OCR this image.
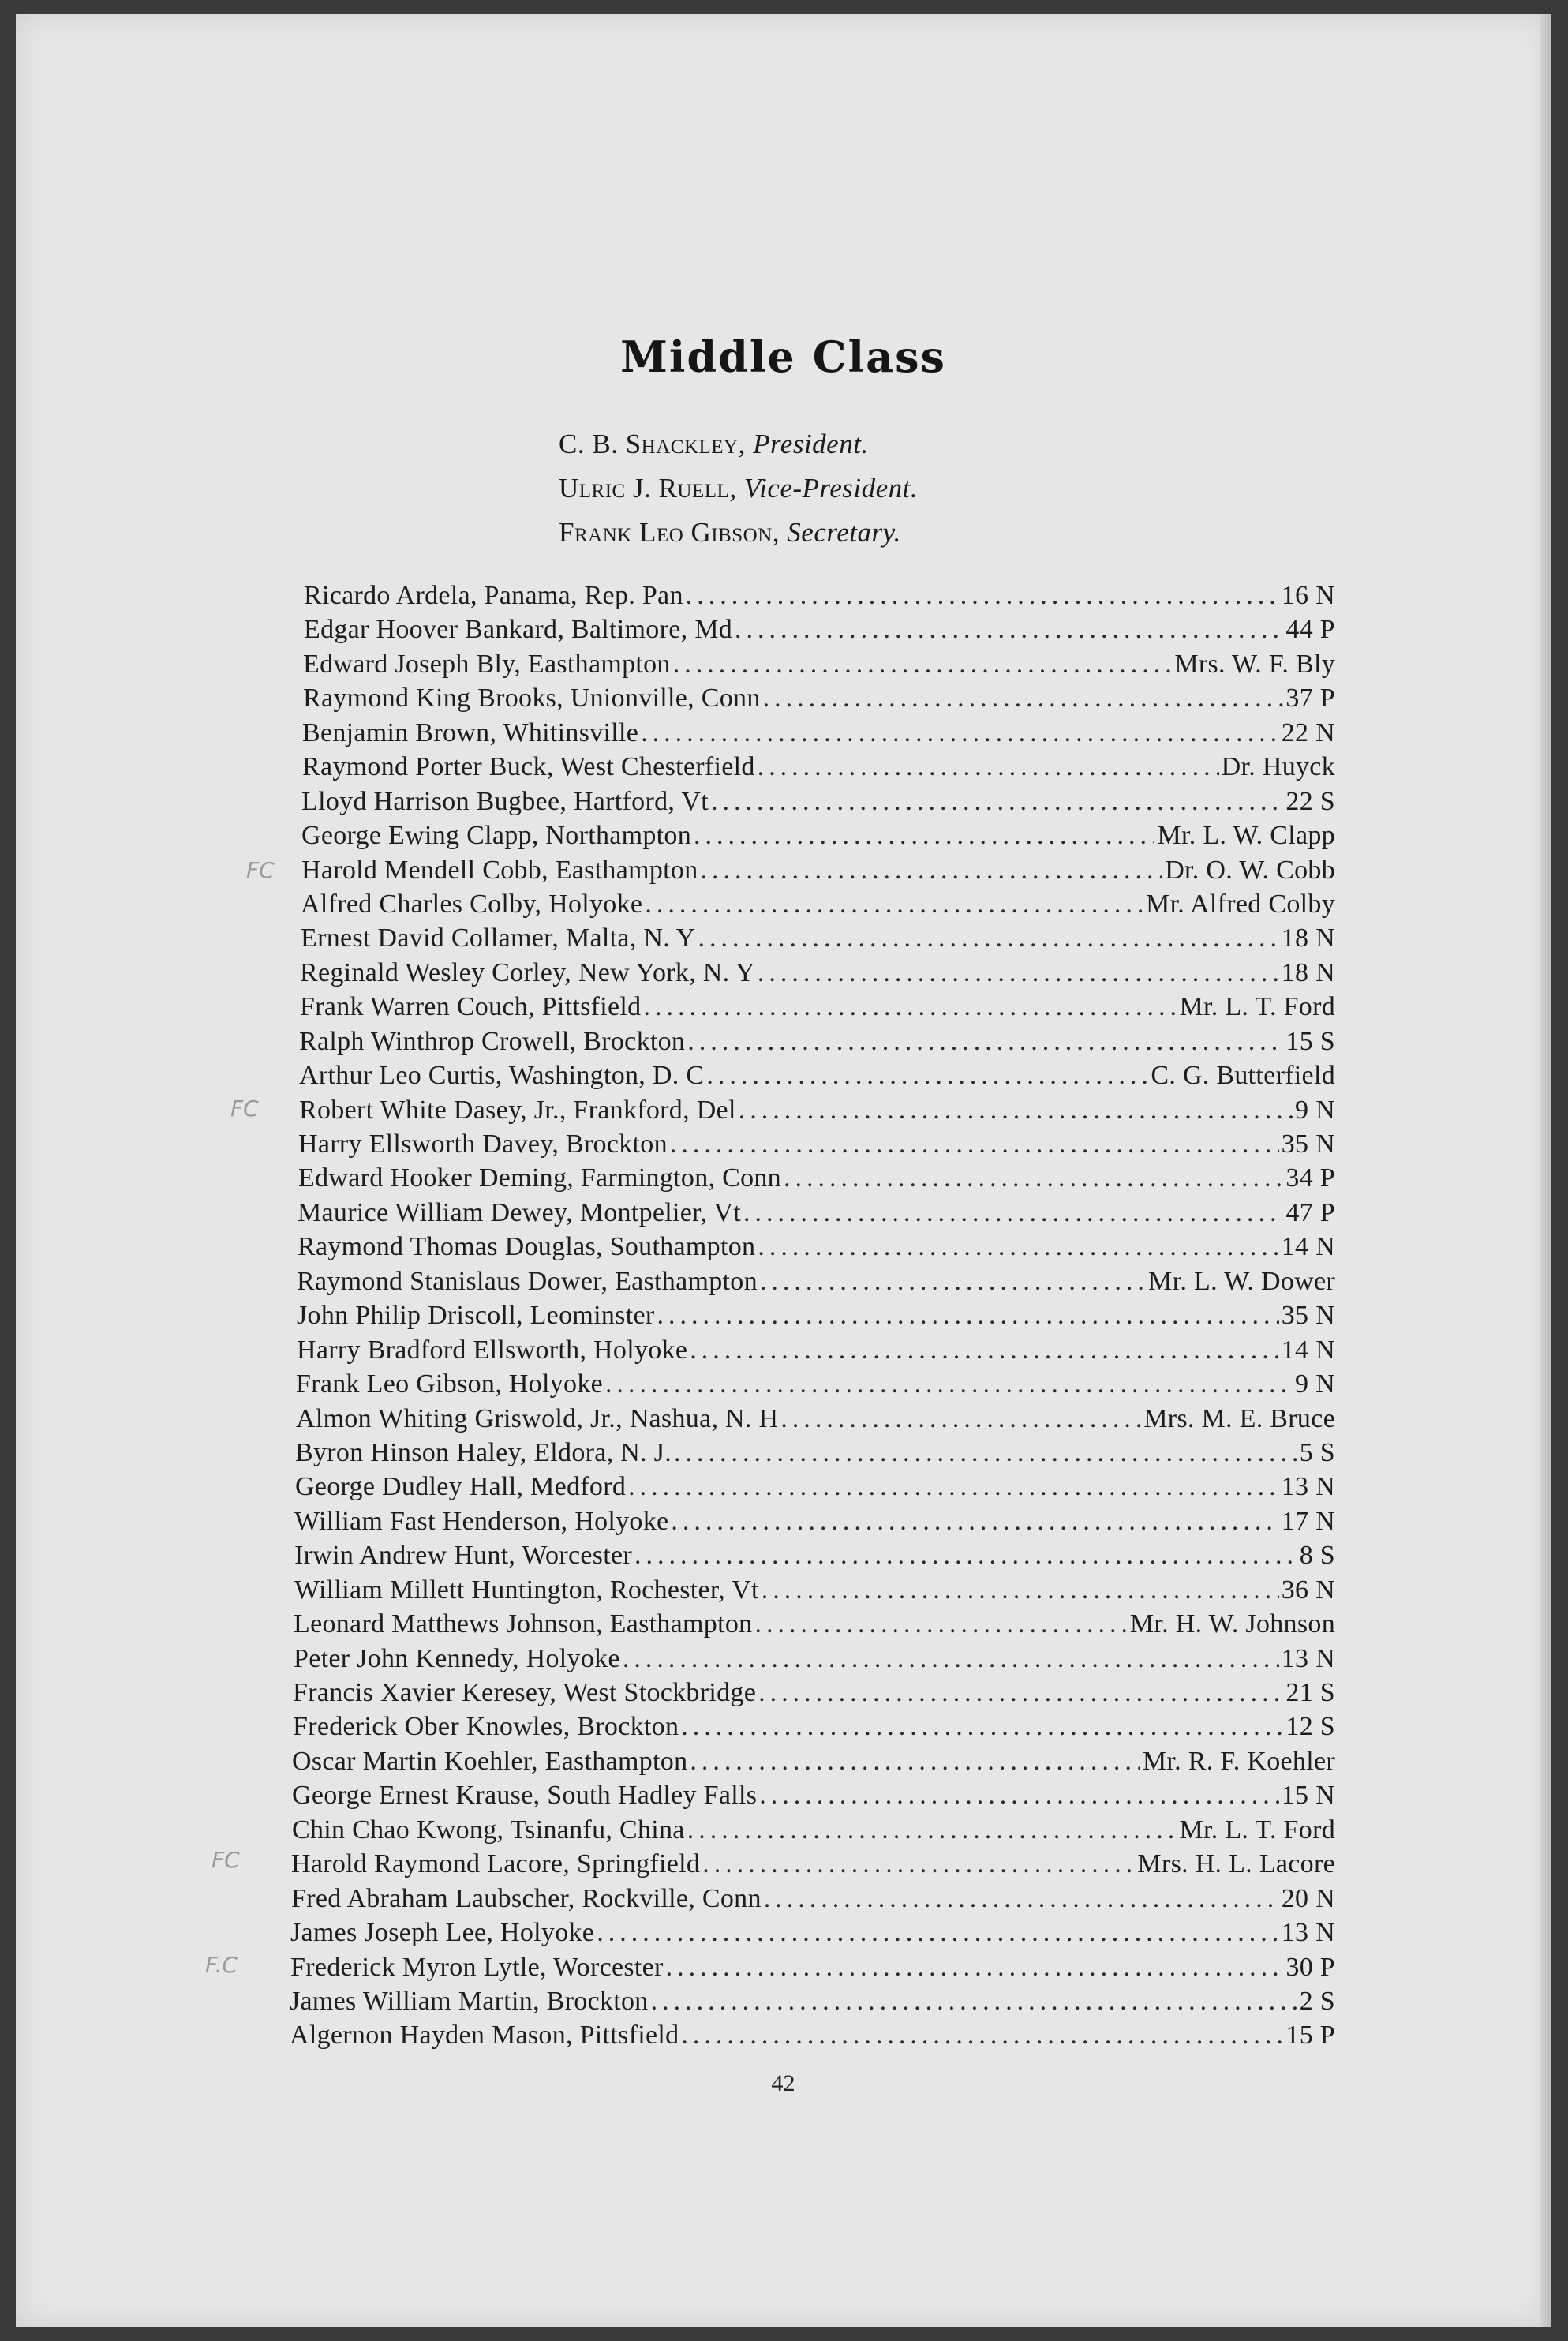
Middle Class
C. B. Shackley, President.
Ulric J. Ruell, Vice-President.
Frank Leo Gibson, Secretary.
Ricardo Ardela, Panama, Rep. Pan .....	16 N
Edgar Hoover Bankard, Baltimore, Md .....	44 P
Edward Joseph Bly, Easthampton .....	Mrs. W. F. Bly
Raymond King Brooks, Unionville, Conn .....	37 P
Benjamin Brown, Whitinsville .....	22 N
Raymond Porter Buck, West Chesterfield .....	Dr. Huyck
Lloyd Harrison Bugbee, Hartford, Vt .....	22 S
George Ewing Clapp, Northampton .....	Mr. L. W. Clapp
Harold Mendell Cobb, Easthampton .....	Dr. O. W. Cobb
Alfred Charles Colby, Holyoke .....	Mr. Alfred Colby
Ernest David Collamer, Malta, N. Y .....	18 N
Reginald Wesley Corley, New York, N. Y .....	18 N
Frank Warren Couch, Pittsfield .....	Mr. L. T. Ford
Ralph Winthrop Crowell, Brockton .....	15 S
Arthur Leo Curtis, Washington, D. C .....	C. G. Butterfield
Robert White Dasey, Jr., Frankford, Del .....	9 N
Harry Ellsworth Davey, Brockton .....	35 N
Edward Hooker Deming, Farmington, Conn .....	34 P
Maurice William Dewey, Montpelier, Vt .....	47 P
Raymond Thomas Douglas, Southampton .....	14 N
Raymond Stanislaus Dower, Easthampton .....	Mr. L. W. Dower
John Philip Driscoll, Leominster .....	35 N
Harry Bradford Ellsworth, Holyoke .....	14 N
Frank Leo Gibson, Holyoke .....	9 N
Almon Whiting Griswold, Jr., Nashua, N. H .....	Mrs. M. E. Bruce
Byron Hinson Haley, Eldora, N. J. .....	5 S
George Dudley Hall, Medford .....	13 N
William Fast Henderson, Holyoke .....	17 N
Irwin Andrew Hunt, Worcester .....	8 S
William Millett Huntington, Rochester, Vt .....	36 N
Leonard Matthews Johnson, Easthampton .....	Mr. H. W. Johnson
Peter John Kennedy, Holyoke .....	13 N
Francis Xavier Keresey, West Stockbridge .....	21 S
Frederick Ober Knowles, Brockton .....	12 S
Oscar Martin Koehler, Easthampton .....	Mr. R. F. Koehler
George Ernest Krause, South Hadley Falls .....	15 N
Chin Chao Kwong, Tsinanfu, China .....	Mr. L. T. Ford
Harold Raymond Lacore, Springfield .....	Mrs. H. L. Lacore
Fred Abraham Laubscher, Rockville, Conn .....	20 N
James Joseph Lee, Holyoke .....	13 N
Frederick Myron Lytle, Worcester .....	30 P
James William Martin, Brockton .....	2 S
Algernon Hayden Mason, Pittsfield .....	15 P
FC
FC
FC
F.C
42
